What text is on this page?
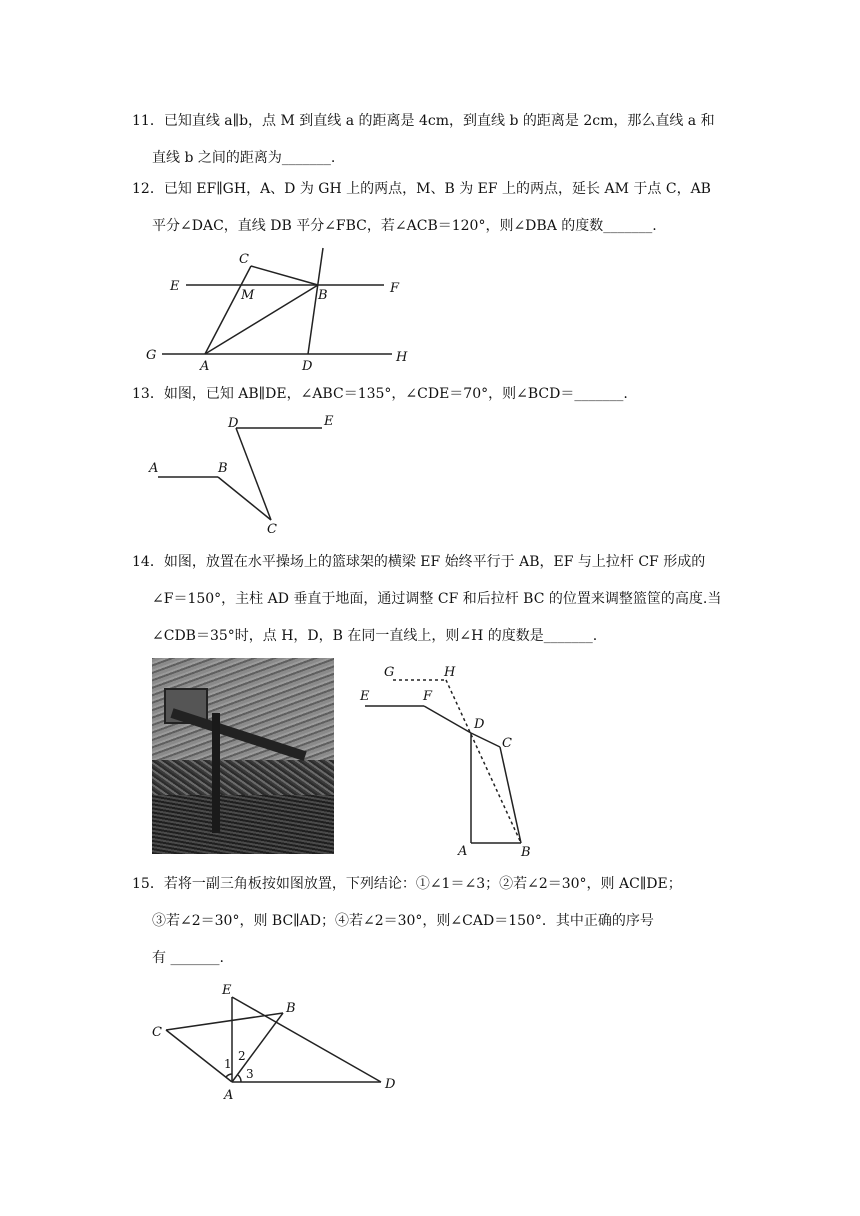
11．已知直线 a∥b，点 M 到直线 a 的距离是 4cm，到直线 b 的距离是 2cm，那么直线 a 和
直线 b 之间的距离为_______.
12．已知 EF∥GH，A、D 为 GH 上的两点，M、B 为 EF 上的两点，延长 AM 于点 C，AB
平分∠DAC，直线 DB 平分∠FBC，若∠ACB＝120°，则∠DBA 的度数_______.
C
E
M	B	F
G
A	D
H
13．如图，已知 AB∥DE，∠ABC＝135°，∠CDE＝70°，则∠BCD＝_______.
D	E
A	B
C
14．如图，放置在水平操场上的篮球架的横梁 EF 始终平行于 AB，EF 与上拉杆 CF 形成的
∠F＝150°，主柱 AD 垂直于地面，通过调整 CF 和后拉杆 BC 的位置来调整篮筐的高度.当
∠CDB＝35°时，点 H，D，B 在同一直线上，则∠H 的度数是_______.
G	H
E	F
D
C
A	B
15．若将一副三角板按如图放置，下列结论：①∠1＝∠3；②若∠2＝30°，则 AC∥DE；
③若∠2＝30°，则 BC∥AD；④若∠2＝30°，则∠CAD＝150°．其中正确的序号
有 _______.
E
B
C
A
D
1
2
3
